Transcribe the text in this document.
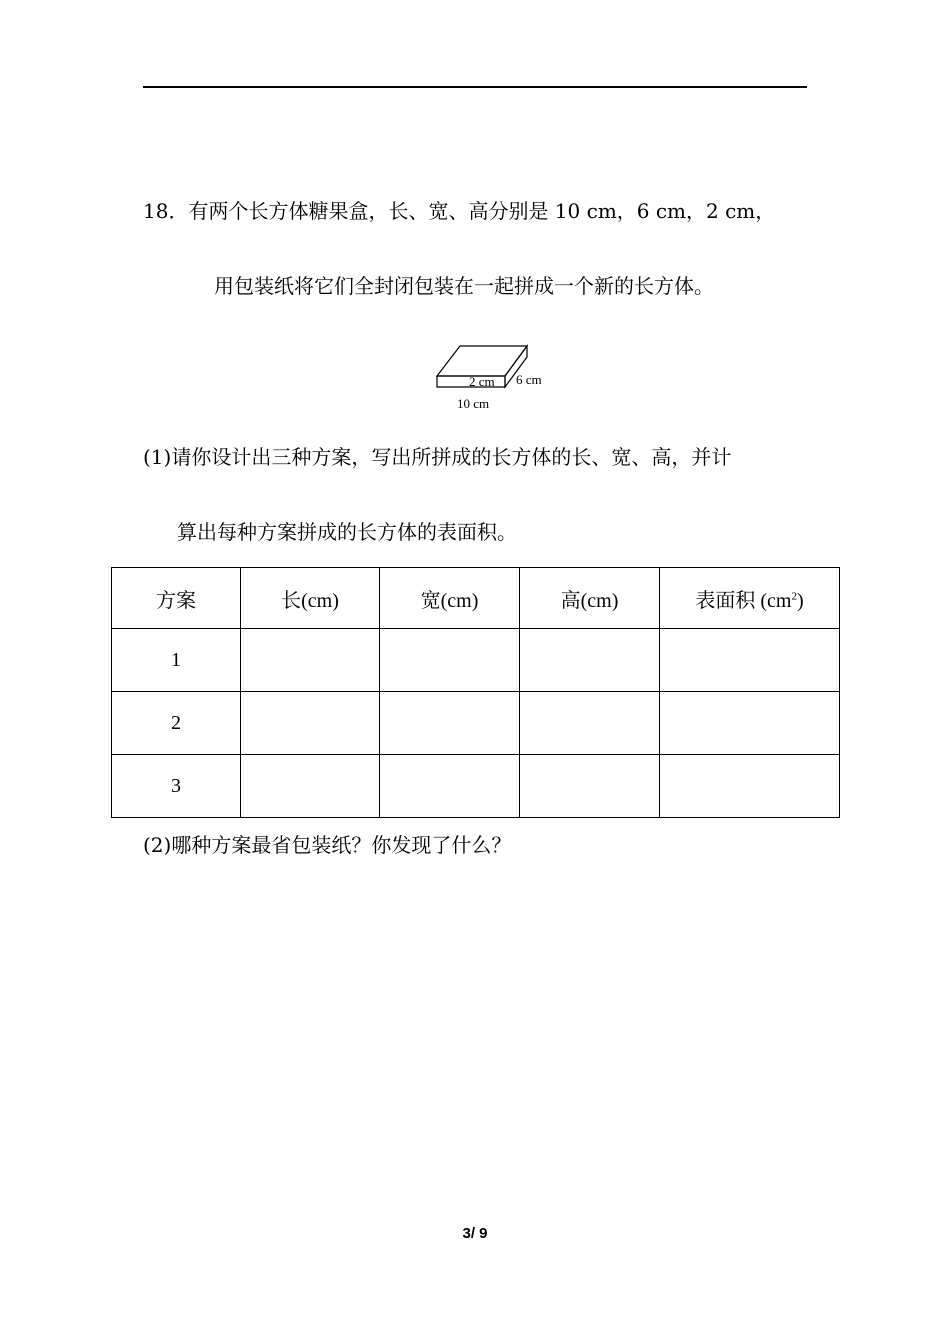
18．有两个长方体糖果盒，长、宽、高分别是 10 cm，6 cm，2 cm，
用包装纸将它们全封闭包装在一起拼成一个新的长方体。
2 cm 6 cm
10 cm
(1)请你设计出三种方案，写出所拼成的长方体的长、宽、高，并计
算出每种方案拼成的长方体的表面积。
方案	长(cm)	宽(cm)	高(cm)	表面积 $(cm^2)$
1				
2				
3				
(2)哪种方案最省包装纸？你发现了什么？
3/ 9
